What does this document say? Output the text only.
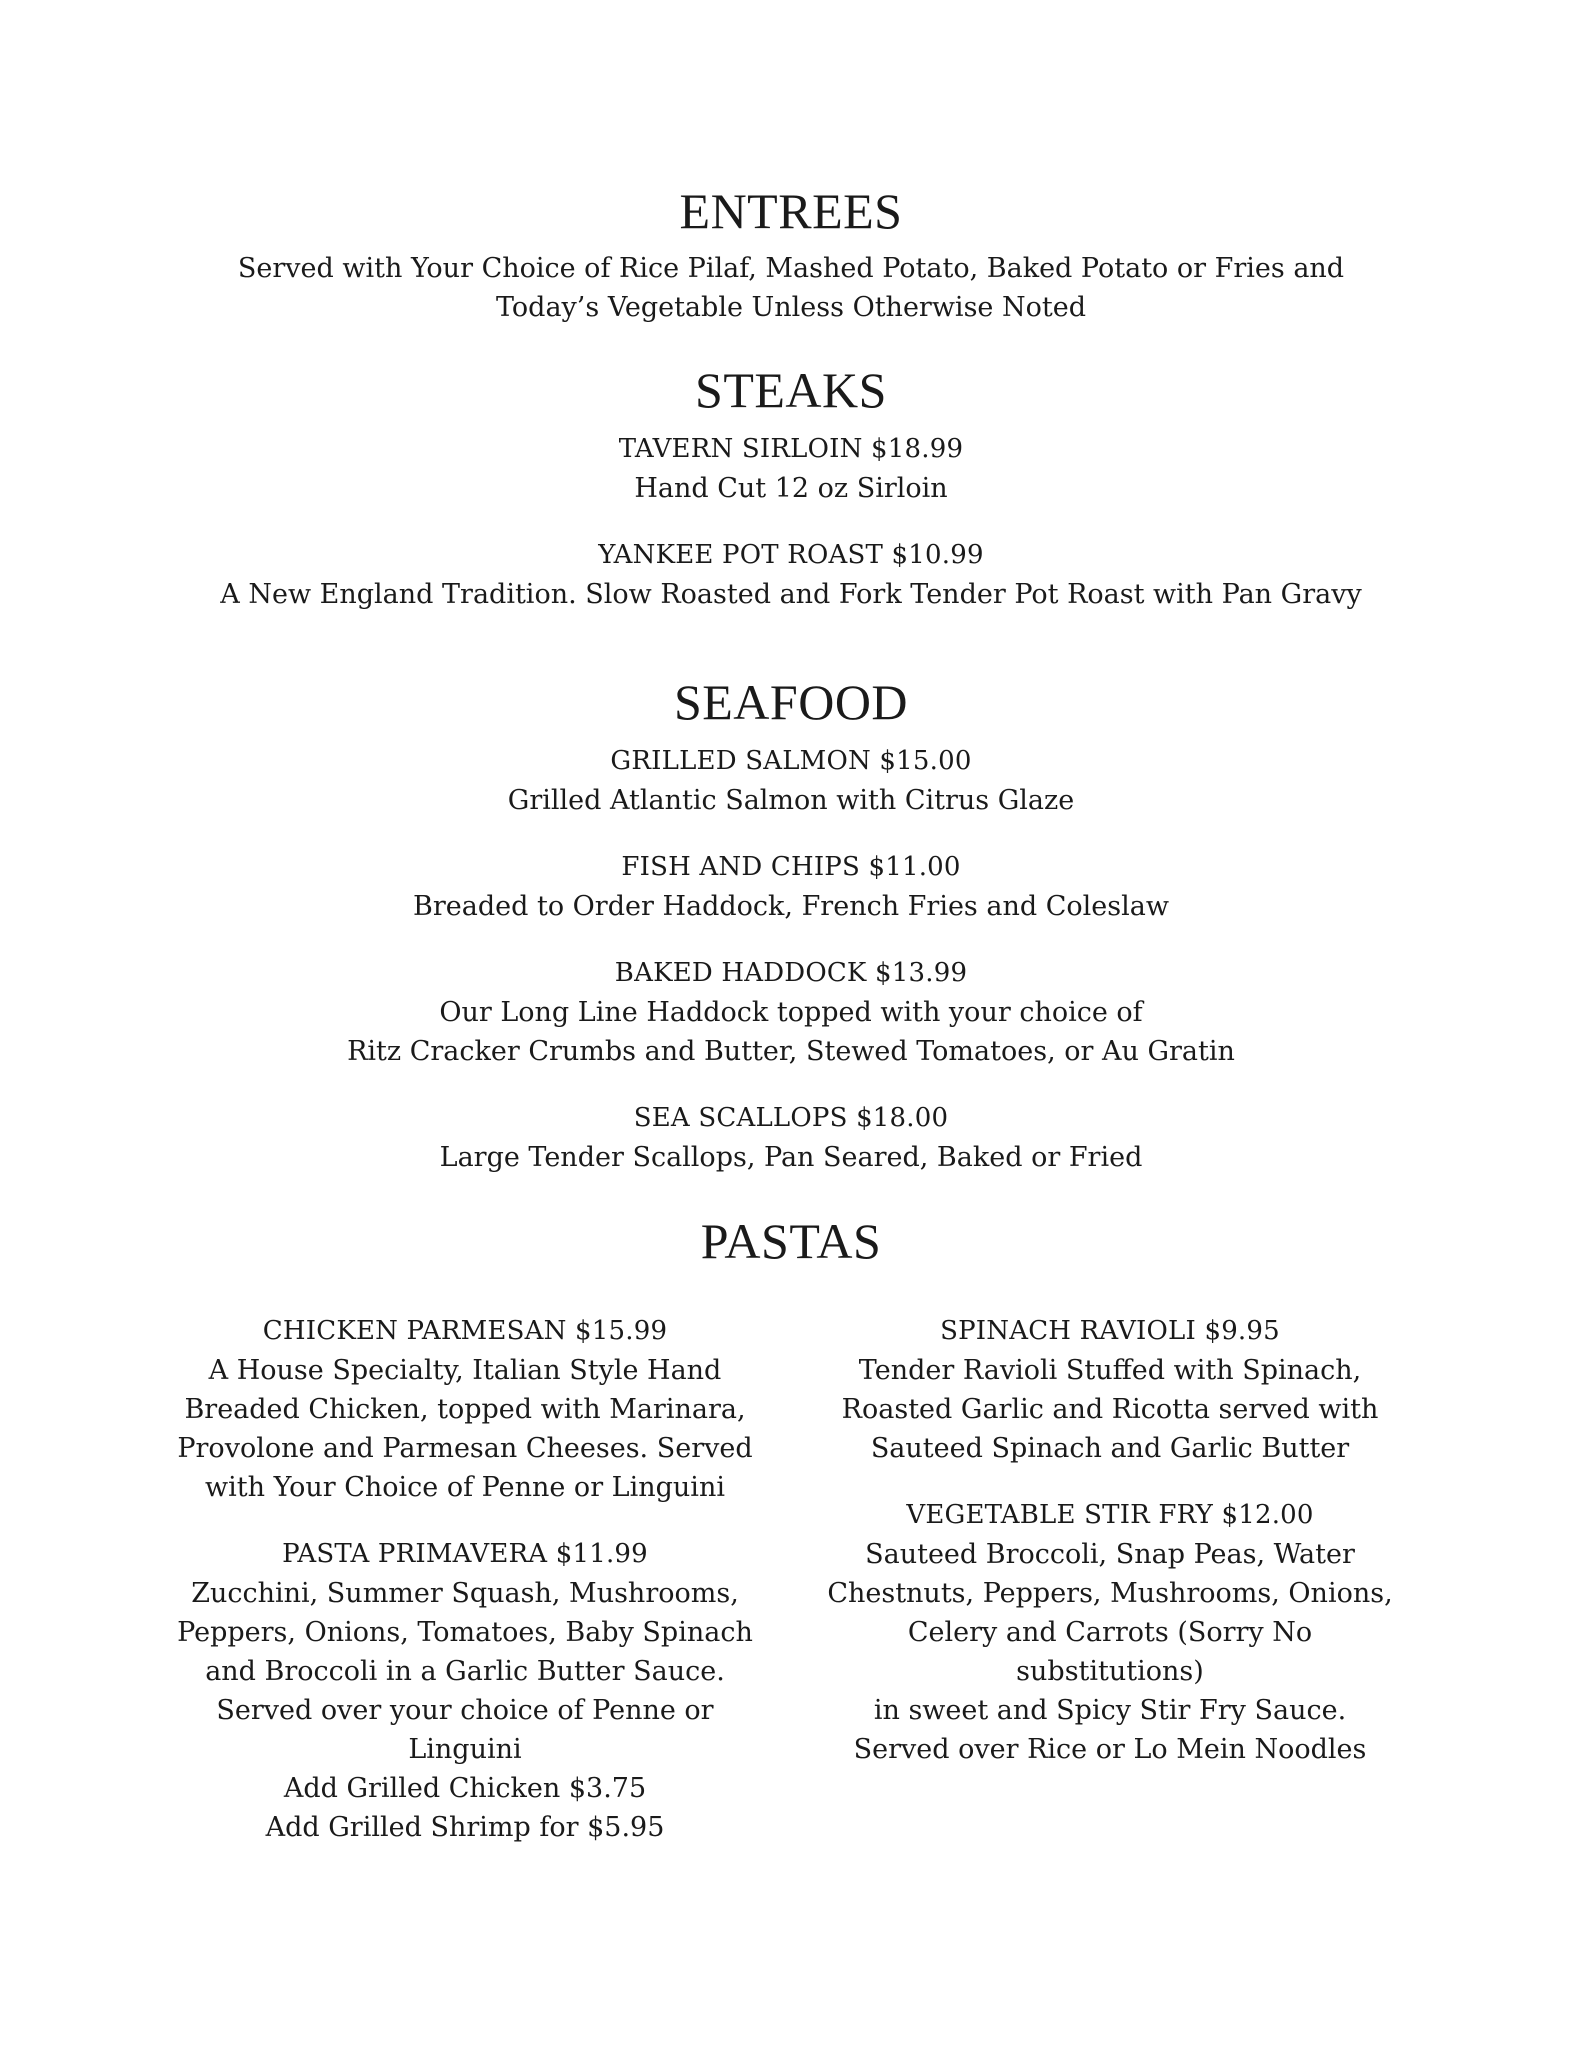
ENTREES

Served with Your Choice of Rice Pilaf, Mashed Potato, Baked Potato or Fries and

Today’s Vegetable Unless Otherwise Noted

STEAKS

TAVERN SIRLOIN $18.99

Hand Cut 12 oz Sirloin

YANKEE POT ROAST $10.99

A New England Tradition. Slow Roasted and Fork Tender Pot Roast with Pan Gravy

SEAFOOD

GRILLED SALMON $15.00

Grilled Atlantic Salmon with Citrus Glaze

FISH AND CHIPS $11.00

Breaded to Order Haddock, French Fries and Coleslaw

BAKED HADDOCK $13.99

Our Long Line Haddock topped with your choice of

Ritz Cracker Crumbs and Butter, Stewed Tomatoes, or Au Gratin

SEA SCALLOPS $18.00

Large Tender Scallops, Pan Seared, Baked or Fried

PASTAS

CHICKEN PARMESAN $15.99

A House Specialty, Italian Style Hand

Breaded Chicken, topped with Marinara,

Provolone and Parmesan Cheeses. Served

with Your Choice of Penne or Linguini

PASTA PRIMAVERA $11.99

Zucchini, Summer Squash, Mushrooms,

Peppers, Onions, Tomatoes, Baby Spinach

and Broccoli in a Garlic Butter Sauce.

Served over your choice of Penne or

Linguini

Add Grilled Chicken $3.75

Add Grilled Shrimp for $5.95

SPINACH RAVIOLI $9.95

Tender Ravioli Stuffed with Spinach,

Roasted Garlic and Ricotta served with

Sauteed Spinach and Garlic Butter

VEGETABLE STIR FRY $12.00

Sauteed Broccoli, Snap Peas, Water

Chestnuts, Peppers, Mushrooms, Onions,

Celery and Carrots (Sorry No substitutions)

in sweet and Spicy Stir Fry Sauce.

Served over Rice or Lo Mein Noodles
